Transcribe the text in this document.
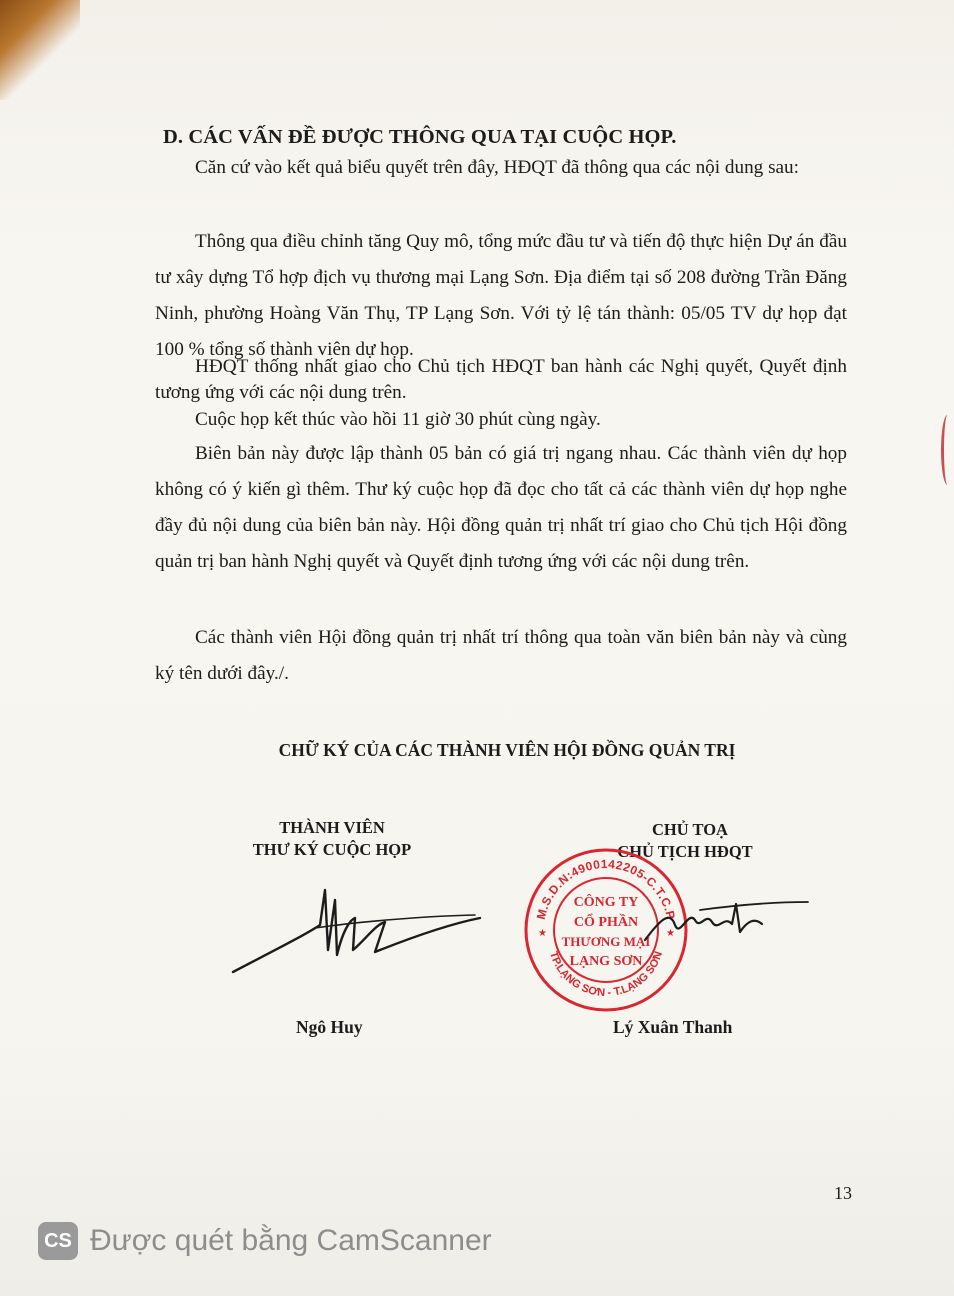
D. CÁC VẤN ĐỀ ĐƯỢC THÔNG QUA TẠI CUỘC HỌP.
Căn cứ vào kết quả biểu quyết trên đây, HĐQT đã thông qua các nội dung sau:
Thông qua điều chỉnh tăng Quy mô, tổng mức đầu tư và tiến độ thực hiện Dự án đầu tư xây dựng Tổ hợp địch vụ thương mại Lạng Sơn. Địa điểm tại số 208 đường Trần Đăng Ninh, phường Hoàng Văn Thụ, TP Lạng Sơn. Với tỷ lệ tán thành: 05/05 TV dự họp đạt 100 % tổng số thành viên dự họp.
HĐQT thống nhất giao cho Chủ tịch HĐQT ban hành các Nghị quyết, Quyết định tương ứng với các nội dung trên.
Cuộc họp kết thúc vào hồi 11 giờ 30 phút cùng ngày.
Biên bản này được lập thành 05 bản có giá trị ngang nhau. Các thành viên dự họp không có ý kiến gì thêm. Thư ký cuộc họp đã đọc cho tất cả các thành viên dự họp nghe đầy đủ nội dung của biên bản này. Hội đồng quản trị nhất trí giao cho Chủ tịch Hội đồng quản trị ban hành Nghị quyết và Quyết định tương ứng với các nội dung trên.
Các thành viên Hội đồng quản trị nhất trí thông qua toàn văn biên bản này và cùng ký tên dưới đây./.
CHỮ KÝ CỦA CÁC THÀNH VIÊN HỘI ĐỒNG QUẢN TRỊ
THÀNH VIÊN
THƯ KÝ CUỘC HỌP
Ngô Huy
CHỦ TOẠ
CHỦ TỊCH HĐQT
M.S.D.N:4900142205-C.T.C.P
TP.LẠNG SƠN - T.LẠNG SƠN
CÔNG TY
CỔ PHẦN
THƯƠNG MẠI
LẠNG SƠN
★	★
Lý Xuân Thanh
13
CS Được quét bằng CamScanner
